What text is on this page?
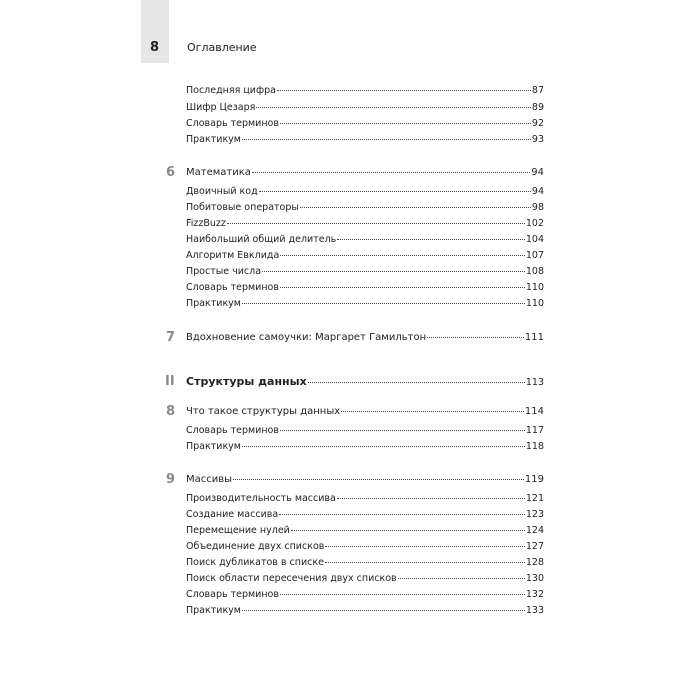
8	Оглавление
Последняя цифра	87
Шифр Цезаря	89
Словарь терминов	92
Практикум	93
6 Математика	94
Двоичный код	94
Побитовые операторы	98
FizzBuzz	102
Наибольший общий делитель	104
Алгоритм Евклида	107
Простые числа	108
Словарь терминов	110
Практикум	110
7 Вдохновение самоучки: Маргарет Гамильтон	111
II Структуры данных	113
8 Что такое структуры данных	114
Словарь терминов	117
Практикум	118
9 Массивы	119
Производительность массива	121
Создание массива	123
Перемещение нулей	124
Объединение двух списков	127
Поиск дубликатов в списке	128
Поиск области пересечения двух списков	130
Словарь терминов	132
Практикум	133
